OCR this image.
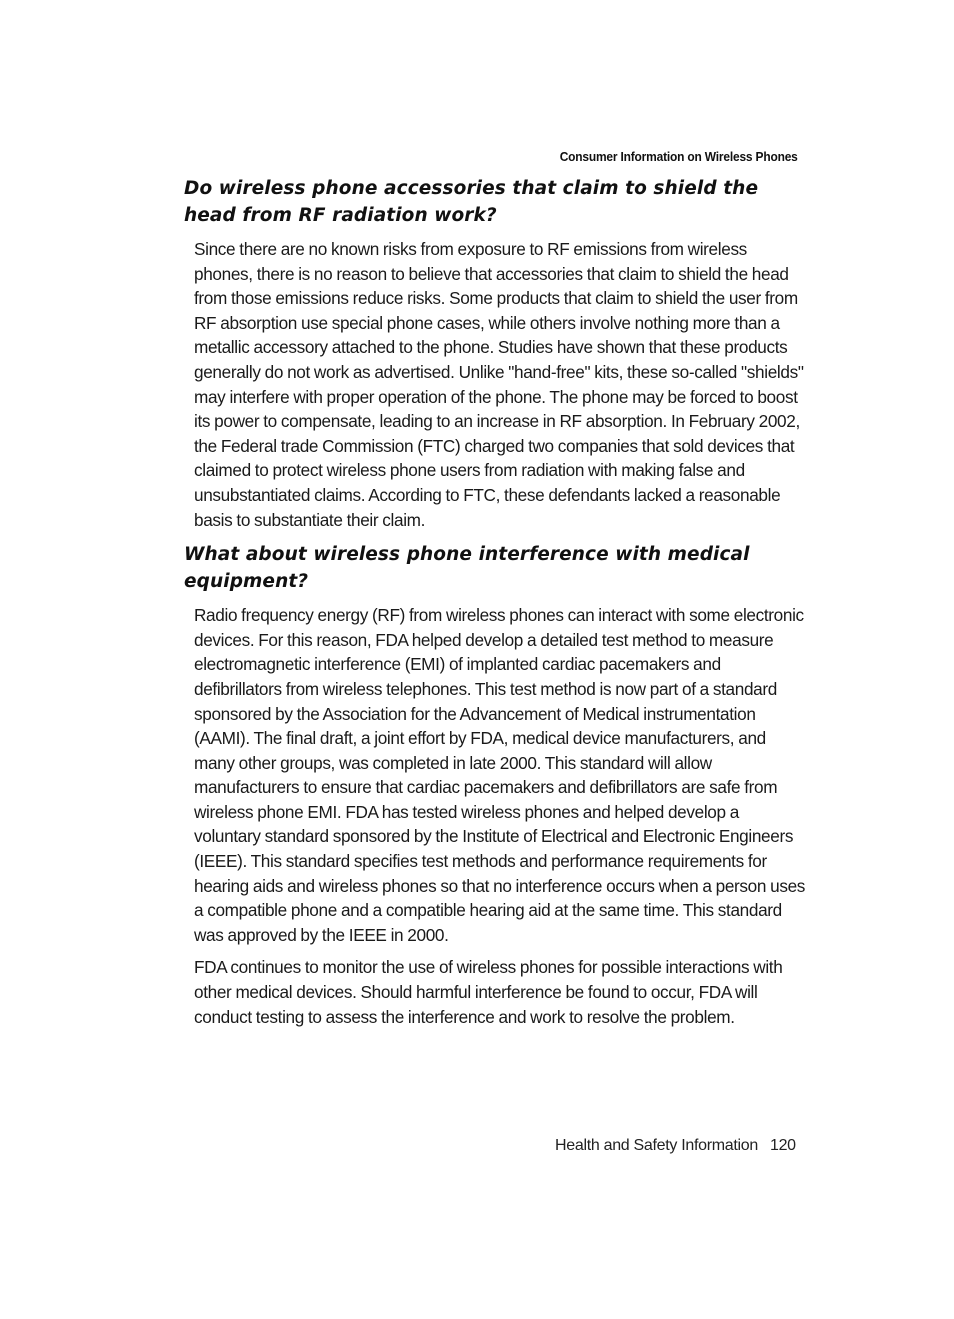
Consumer Information on Wireless Phones
Do wireless phone accessories that claim to shield the head from RF radiation work?

Since there are no known risks from exposure to RF emissions from wireless phones, there is no reason to believe that accessories that claim to shield the head from those emissions reduce risks. Some products that claim to shield the user from RF absorption use special phone cases, while others involve nothing more than a metallic accessory attached to the phone. Studies have shown that these products generally do not work as advertised. Unlike "hand-free" kits, these so-called "shields" may interfere with proper operation of the phone. The phone may be forced to boost its power to compensate, leading to an increase in RF absorption. In February 2002, the Federal trade Commission (FTC) charged two companies that sold devices that claimed to protect wireless phone users from radiation with making false and unsubstantiated claims. According to FTC, these defendants lacked a reasonable basis to substantiate their claim.

What about wireless phone interference with medical equipment?

Radio frequency energy (RF) from wireless phones can interact with some electronic devices. For this reason, FDA helped develop a detailed test method to measure electromagnetic interference (EMI) of implanted cardiac pacemakers and defibrillators from wireless telephones. This test method is now part of a standard sponsored by the Association for the Advancement of Medical instrumentation (AAMI). The final draft, a joint effort by FDA, medical device manufacturers, and many other groups, was completed in late 2000. This standard will allow manufacturers to ensure that cardiac pacemakers and defibrillators are safe from wireless phone EMI. FDA has tested wireless phones and helped develop a voluntary standard sponsored by the Institute of Electrical and Electronic Engineers (IEEE). This standard specifies test methods and performance requirements for hearing aids and wireless phones so that no interference occurs when a person uses a compatible phone and a compatible hearing aid at the same time. This standard was approved by the IEEE in 2000.

FDA continues to monitor the use of wireless phones for possible interactions with other medical devices. Should harmful interference be found to occur, FDA will conduct testing to assess the interference and work to resolve the problem.

Health and Safety Information 120
